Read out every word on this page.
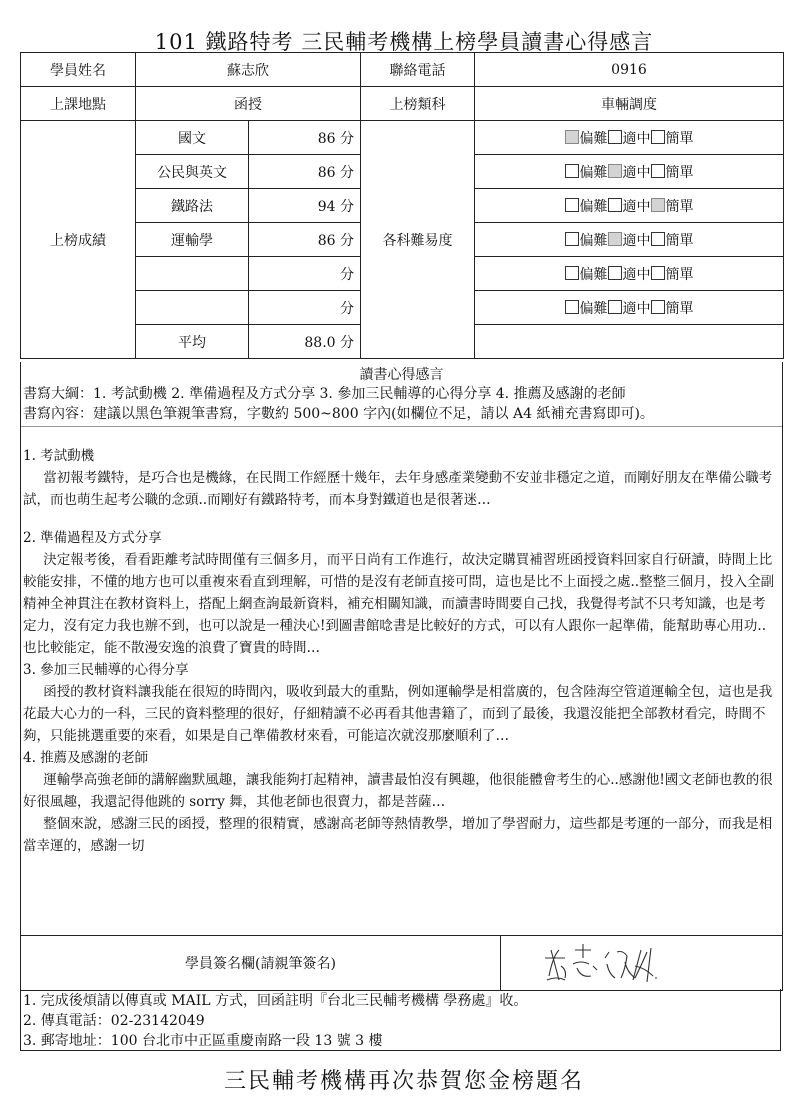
101 鐵路特考 三民輔考機構上榜學員讀書心得感言
學員姓名	蘇志欣		聯絡電話	0916
上課地點	函授		上榜類科	車輛調度
上榜成績	國文	86 分	各科難易度	偏難 適中 簡單
	公民與英文	86 分		偏難 適中 簡單
	鐵路法	94 分		偏難 適中 簡單
	運輸學	86 分		偏難 適中 簡單
		分		偏難 適中 簡單
		分		偏難 適中 簡單
	平均	88.0 分		
讀書心得感言
書寫大綱：1. 考試動機 2. 準備過程及方式分享 3. 參加三民輔導的心得分享 4. 推薦及感謝的老師
書寫內容：建議以黑色筆親筆書寫，字數約 500~800 字內(如欄位不足，請以 A4 紙補充書寫即可)。
1. 考試動機
當初報考鐵特，是巧合也是機緣，在民間工作經歷十幾年，去年身感產業變動不安並非穩定之道，而剛好朋友在準備公職考試，而也萌生起考公職的念頭..而剛好有鐵路特考，而本身對鐵道也是很著迷…
2. 準備過程及方式分享
決定報考後，看看距離考試時間僅有三個多月，而平日尚有工作進行，故決定購買補習班函授資料回家自行研讀，時間上比較能安排，不懂的地方也可以重複來看直到理解，可惜的是沒有老師直接可問，這也是比不上面授之處..整整三個月，投入全副精神全神貫注在教材資料上，搭配上網查詢最新資料，補充相關知識，而讀書時間要自己找，我覺得考試不只考知識，也是考定力，沒有定力我也辦不到，也可以說是一種決心!到圖書館唸書是比較好的方式，可以有人跟你一起準備，能幫助專心用功..也比較能定，能不散漫安逸的浪費了寶貴的時間…
3. 參加三民輔導的心得分享
函授的教材資料讓我能在很短的時間內，吸收到最大的重點，例如運輸學是相當廣的，包含陸海空管道運輸全包，這也是我花最大心力的一科，三民的資料整理的很好，仔細精讀不必再看其他書籍了，而到了最後，我還沒能把全部教材看完，時間不夠，只能挑選重要的來看，如果是自己準備教材來看，可能這次就沒那麼順利了…
4. 推薦及感謝的老師
運輸學高強老師的講解幽默風趣，讓我能夠打起精神，讀書最怕沒有興趣，他很能體會考生的心..感謝他!國文老師也教的很好很風趣，我還記得他跳的 sorry 舞，其他老師也很賣力，都是菩薩…
整個來說，感謝三民的函授，整理的很精實，感謝高老師等熱情教學，增加了學習耐力，這些都是考運的一部分，而我是相當幸運的，感謝一切
學員簽名欄(請親筆簽名)
1. 完成後煩請以傳真或 MAIL 方式，回函註明『台北三民輔考機構 學務處』收。
2. 傳真電話：02-23142049
3. 郵寄地址：100 台北市中正區重慶南路一段 13 號 3 樓
三民輔考機構再次恭賀您金榜題名
